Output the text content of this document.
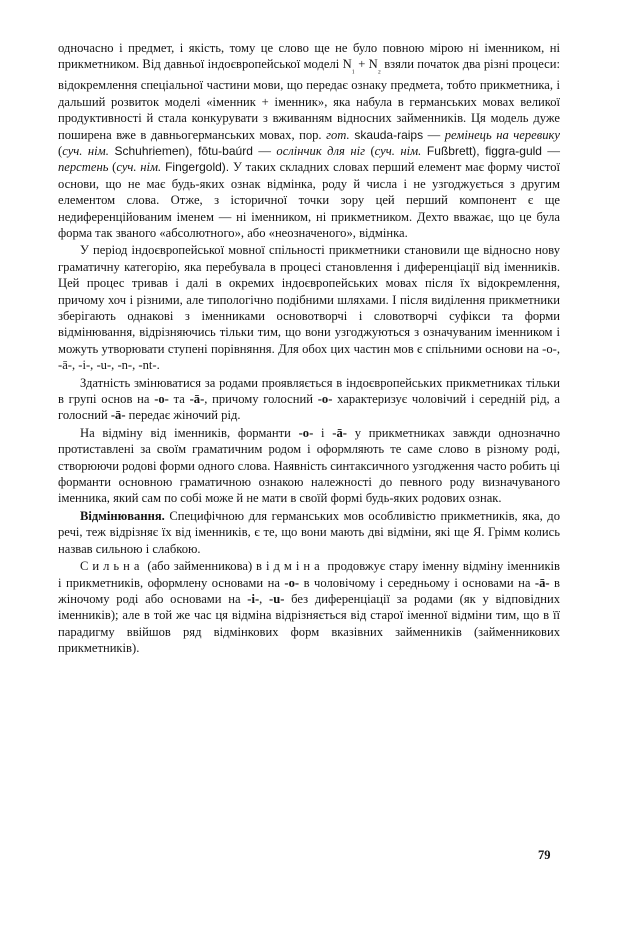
одночасно і предмет, і якість, тому це слово ще не було повною мірою ні іменником, ні прикметником. Від давньої індоєвропейської моделі $N_{_1} + N_{_2}$ взяли початок два різні процеси: відокремлення спеціальної частини мови, що передає ознаку предмета, тобто прикметника, і дальший розвиток моделі «іменник + іменник», яка набула в германських мовах великої продуктивності й стала конкурувати з вживанням відносних займенників. Ця модель дуже поширена вже в давньогерманських мовах, пор. гот. skauda-raips — ремінець на черевику (суч. нім. Schuhriemen), fōtu-baúrd — ослінчик для ніг (суч. нім. Fußbrett), figgra-guld — перстень (суч. нім. Fingergold). У таких складних словах перший елемент має форму чистої основи, що не має будь-яких ознак відмінка, роду й числа і не узгоджується з другим елементом слова. Отже, з історичної точки зору цей перший компонент є ще недиференційованим іменем — ні іменником, ні прикметником. Дехто вважає, що це була форма так званого «абсолютного», або «неозначеного», відмінка.

У період індоєвропейської мовної спільності прикметники становили ще відносно нову граматичну категорію, яка перебувала в процесі становлення і диференціації від іменників. Цей процес тривав і далі в окремих індоєвропейських мовах після їх відокремлення, причому хоч і різними, але типологічно подібними шляхами. І після виділення прикметники зберігають однакові з іменниками основотворчі і словотворчі суфікси та форми відмінювання, відрізняючись тільки тим, що вони узгоджуються з означуваним іменником і можуть утворювати ступені порівняння. Для обох цих частин мов є спільними основи на -o-, -ā-, -i-, -u-, -n-, -nt-.

Здатність змінюватися за родами проявляється в індоєвропейських прикметниках тільки в групі основ на -o- та -ā-, причому голосний -o- характеризує чоловічий і середній рід, а голосний -ā- передає жіночий рід.

На відміну від іменників, форманти -o- і -ā- у прикметниках завжди однозначно протиставлені за своїм граматичним родом і оформляють те саме слово в різному роді, створюючи родові форми одного слова. Наявність синтаксичного узгодження часто робить ці форманти основною граматичною ознакою належності до певного роду визначуваного іменника, який сам по собі може й не мати в своїй формі будь-яких родових ознак.

Відмінювання. Специфічною для германських мов особливістю прикметників, яка, до речі, теж відрізняє їх від іменників, є те, що вони мають дві відміни, які ще Я. Грімм колись назвав сильною і слабкою.

Сильна (або займенникова) відміна продовжує стару іменну відміну іменників і прикметників, оформлену основами на -o- в чоловічому і середньому і основами на -ā- в жіночому роді або основами на -i-, -u- без диференціації за родами (як у відповідних іменників); але в той же час ця відміна відрізняється від старої іменної відміни тим, що в її парадигму ввійшов ряд відмінкових форм вказівних займенників (займенникових прикметників).

79
